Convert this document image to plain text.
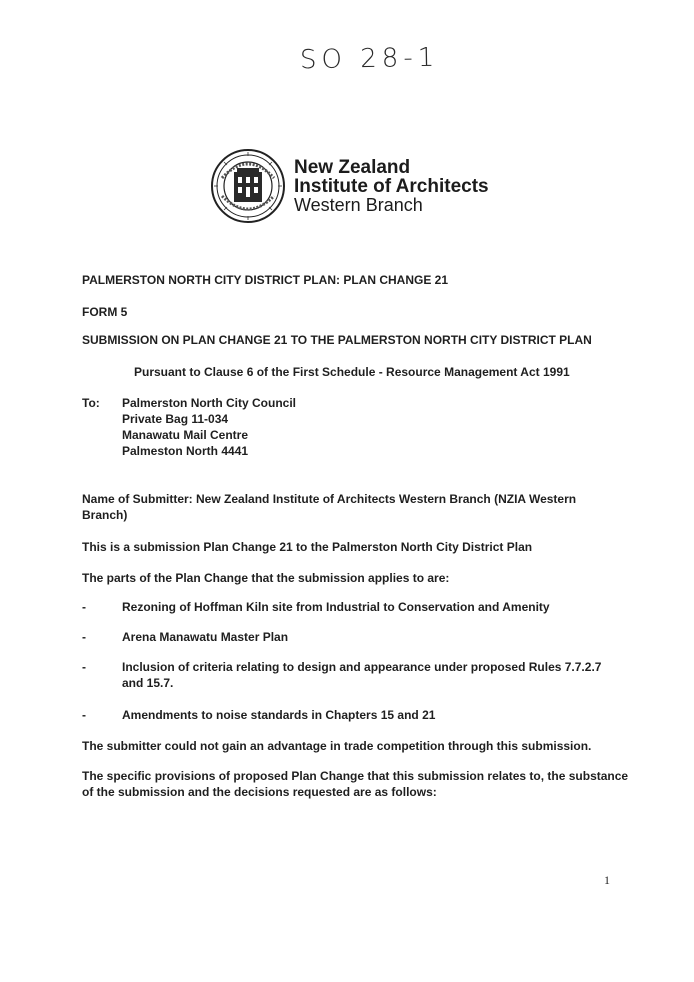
SO 28-1
New Zealand
Institute of Architects
Western Branch
PALMERSTON NORTH CITY DISTRICT PLAN: PLAN CHANGE 21
FORM 5
SUBMISSION ON PLAN CHANGE 21 TO THE PALMERSTON NORTH CITY DISTRICT PLAN
Pursuant to Clause 6 of the First Schedule - Resource Management Act 1991
To: Palmerston North City Council
Private Bag 11-034
Manawatu Mail Centre
Palmeston North 4441
Name of Submitter: New Zealand Institute of Architects Western Branch (NZIA Western
Branch)
This is a submission Plan Change 21 to the Palmerston North City District Plan
The parts of the Plan Change that the submission applies to are:
-	Rezoning of Hoffman Kiln site from Industrial to Conservation and Amenity
-	Arena Manawatu Master Plan
-	Inclusion of criteria relating to design and appearance under proposed Rules 7.7.2.7
and 15.7.
-	Amendments to noise standards in Chapters 15 and 21
The submitter could not gain an advantage in trade competition through this submission.
The specific provisions of proposed Plan Change that this submission relates to, the substance
of the submission and the decisions requested are as follows:
1
